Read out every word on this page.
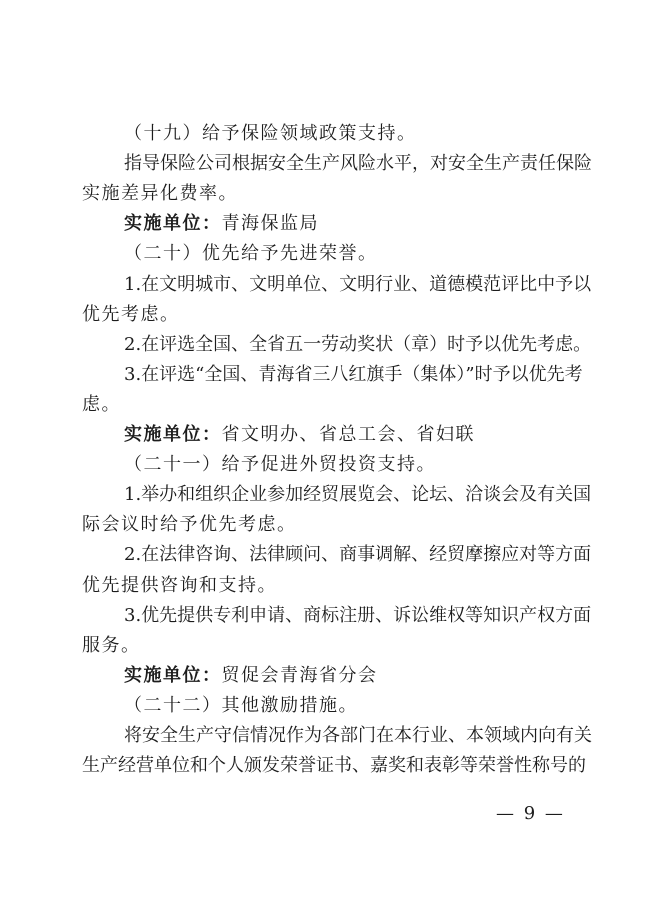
（十九）给予保险领域政策支持。
指导保险公司根据安全生产风险水平，对安全生产责任保险
实施差异化费率。
实施单位：青海保监局
（二十）优先给予先进荣誉。
1.在文明城市、文明单位、文明行业、道德模范评比中予以
优先考虑。
2.在评选全国、全省五一劳动奖状（章）时予以优先考虑。
3.在评选“全国、青海省三八红旗手（集体）”时予以优先考
虑。
实施单位：省文明办、省总工会、省妇联
（二十一）给予促进外贸投资支持。
1.举办和组织企业参加经贸展览会、论坛、洽谈会及有关国
际会议时给予优先考虑。
2.在法律咨询、法律顾问、商事调解、经贸摩擦应对等方面
优先提供咨询和支持。
3.优先提供专利申请、商标注册、诉讼维权等知识产权方面
服务。
实施单位：贸促会青海省分会
（二十二）其他激励措施。
将安全生产守信情况作为各部门在本行业、本领域内向有关
生产经营单位和个人颁发荣誉证书、嘉奖和表彰等荣誉性称号的
— 9 —
